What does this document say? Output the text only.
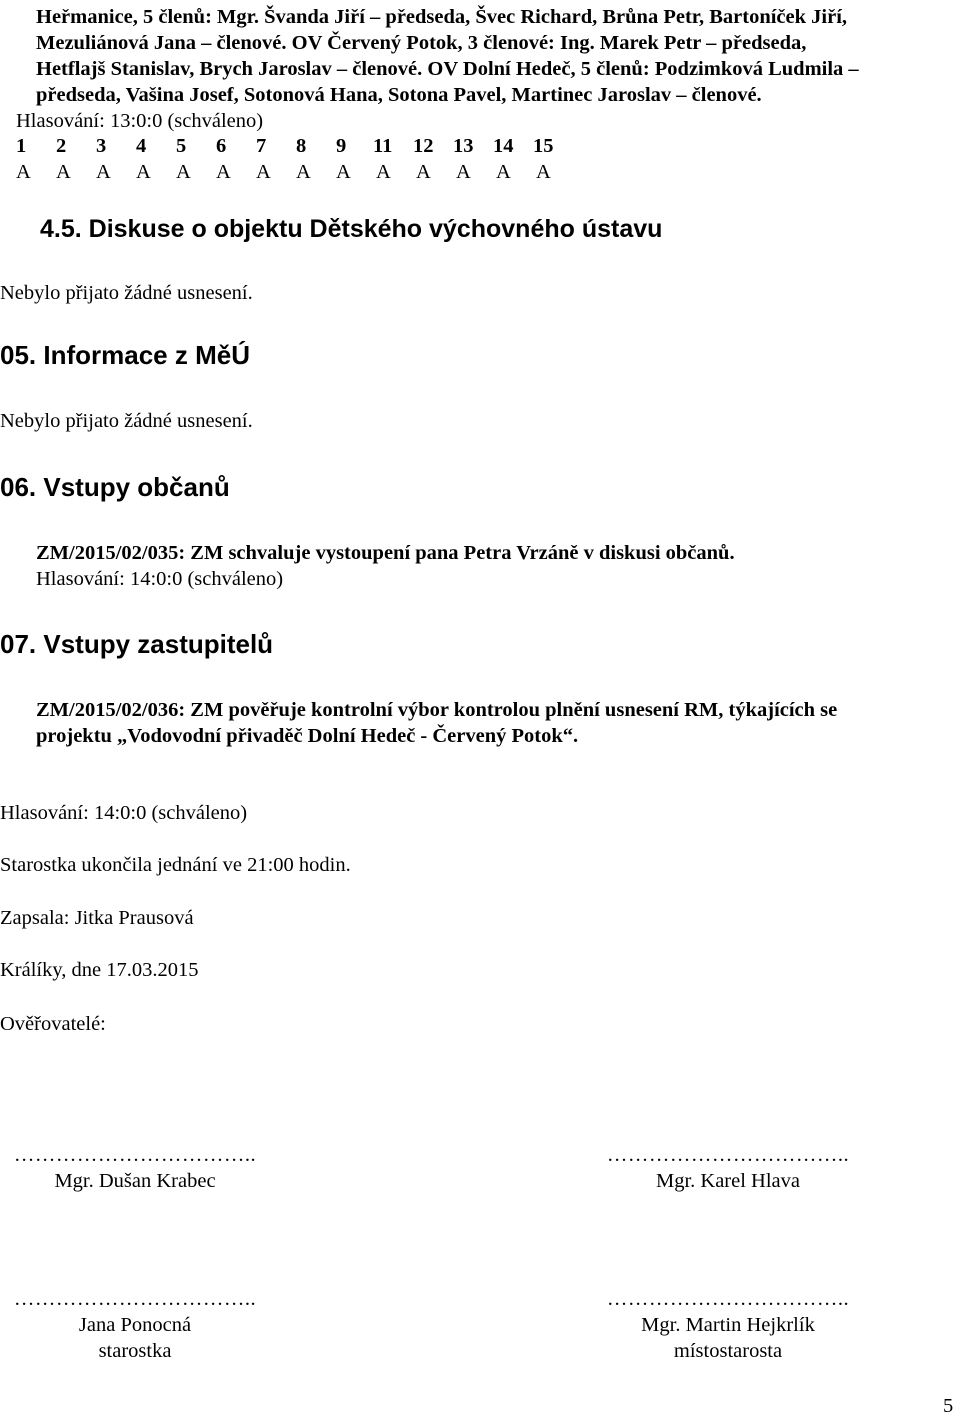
Heřmanice, 5 členů: Mgr. Švanda Jiří – předseda, Švec Richard, Brůna Petr, Bartoníček Jiří,
Mezuliánová Jana – členové. OV Červený Potok, 3 členové: Ing. Marek Petr – předseda,
Hetflajš Stanislav, Brych Jaroslav – členové. OV Dolní Hedeč, 5 členů: Podzimková Ludmila –
předseda, Vašina Josef, Sotonová Hana, Sotona Pavel, Martinec Jaroslav – členové.
Hlasování: 13:0:0 (schváleno)
1	2	3	4	5	6	7	8	9	11	12 13 14 15
A	A	A	A	A	A	A	A	A	A	A	A	A	A
4.5. Diskuse o objektu Dětského výchovného ústavu
Nebylo přijato žádné usnesení.
05. Informace z MěÚ
Nebylo přijato žádné usnesení.
06. Vstupy občanů
ZM/2015/02/035: ZM schvaluje vystoupení pana Petra Vrzáně v diskusi občanů.
Hlasování: 14:0:0 (schváleno)
07. Vstupy zastupitelů
ZM/2015/02/036: ZM pověřuje kontrolní výbor kontrolou plnění usnesení RM, týkajících se
projektu „Vodovodní přivaděč Dolní Hedeč - Červený Potok“.
Hlasování: 14:0:0 (schváleno)
Starostka ukončila jednání ve 21:00 hodin.
Zapsala: Jitka Prausová
Králíky, dne 17.03.2015
Ověřovatelé:
……………………………..
Mgr. Dušan Krabec
……………………………..
Mgr. Karel Hlava
……………………………..
Jana Ponocná
starostka
……………………………..
Mgr. Martin Hejkrlík
místostarosta
5
